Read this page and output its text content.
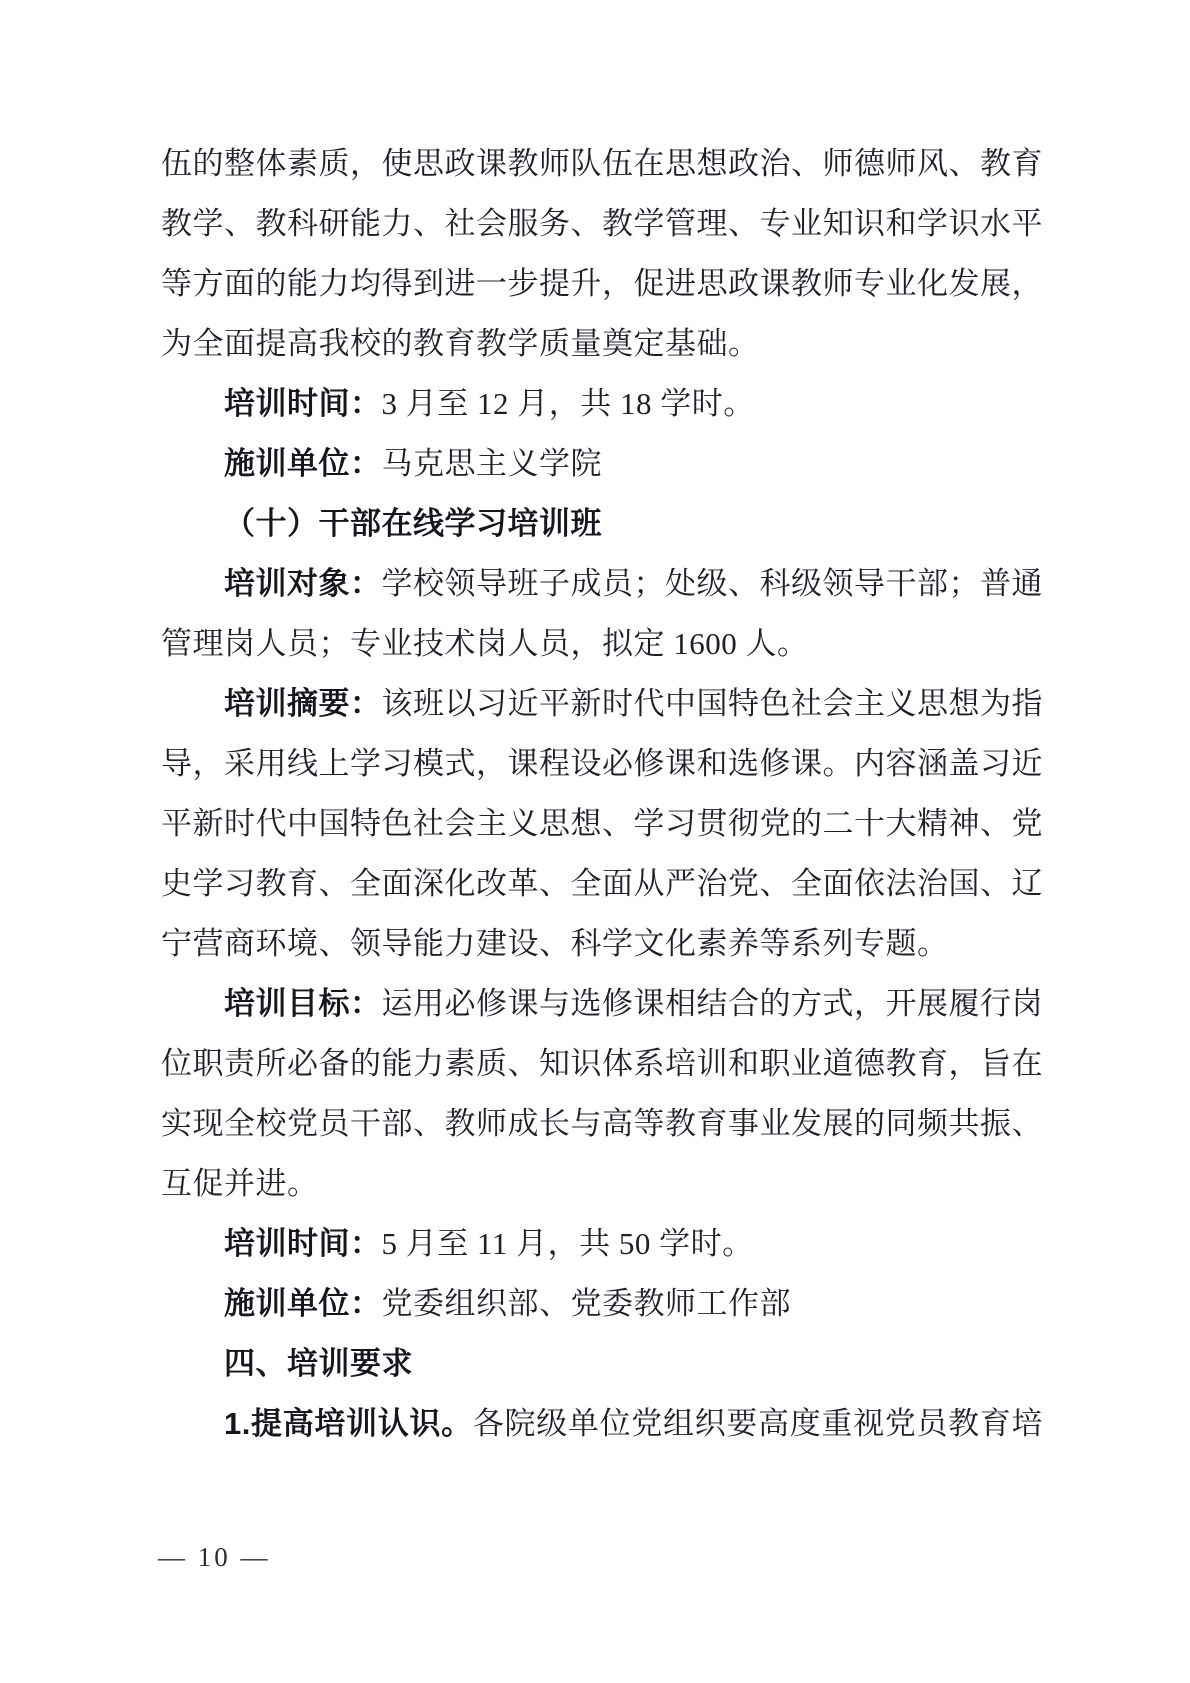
伍的整体素质，使思政课教师队伍在思想政治、师德师风、教育
教学、教科研能力、社会服务、教学管理、专业知识和学识水平
等方面的能力均得到进一步提升，促进思政课教师专业化发展，
为全面提高我校的教育教学质量奠定基础。
培训时间：3 月至 12 月，共 18 学时。
施训单位：马克思主义学院
（十）干部在线学习培训班
培训对象：学校领导班子成员；处级、科级领导干部；普通
管理岗人员；专业技术岗人员，拟定 1600 人。
培训摘要：该班以习近平新时代中国特色社会主义思想为指
导，采用线上学习模式，课程设必修课和选修课。内容涵盖习近
平新时代中国特色社会主义思想、学习贯彻党的二十大精神、党
史学习教育、全面深化改革、全面从严治党、全面依法治国、辽
宁营商环境、领导能力建设、科学文化素养等系列专题。
培训目标：运用必修课与选修课相结合的方式，开展履行岗
位职责所必备的能力素质、知识体系培训和职业道德教育，旨在
实现全校党员干部、教师成长与高等教育事业发展的同频共振、
互促并进。
培训时间：5 月至 11 月，共 50 学时。
施训单位：党委组织部、党委教师工作部
四、培训要求
1.提高培训认识。各院级单位党组织要高度重视党员教育培
— 10 —
